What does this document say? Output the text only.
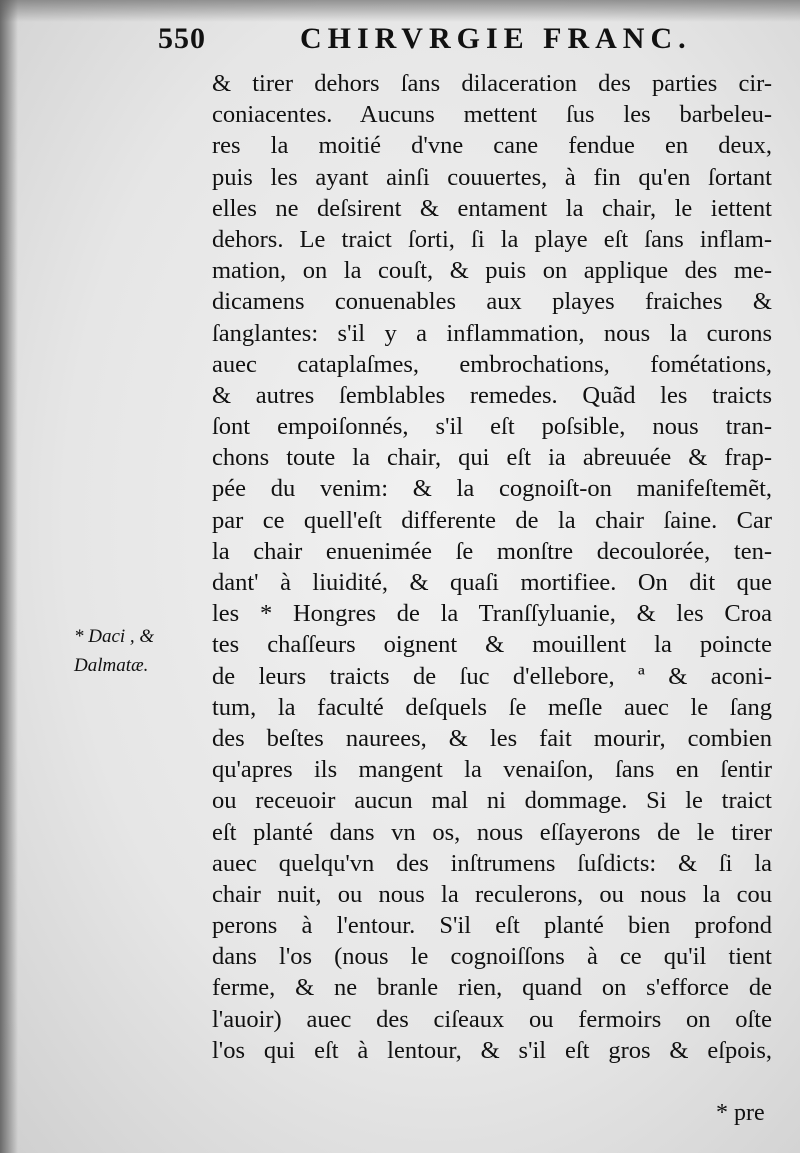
550	CHIRVRGIE FRANC.
& tirer dehors ſans dilaceration des parties cir-
coniacentes. Aucuns mettent ſus les barbeleu-
res la moitié d'vne cane fendue en deux,
puis les ayant ainſi couuertes, à fin qu'en ſortant
elles ne deſsirent & entament la chair, le iettent
dehors. Le traict ſorti, ſi la playe eſt ſans inflam-
mation, on la couſt, & puis on applique des me-
dicamens conuenables aux playes fraiches &
ſanglantes: s'il y a inflammation, nous la curons
auec cataplaſmes, embrochations, fométations,
& autres ſemblables remedes. Quãd les traicts
ſont empoiſonnés, s'il eſt poſsible, nous tran-
chons toute la chair, qui eſt ia abreuuée & frap-
pée du venim: & la cognoiſt-on manifeſtemẽt,
par ce quell'eſt differente de la chair ſaine. Car
la chair enuenimée ſe monſtre decoulorée, ten-
dant' à liuidité, & quaſi mortifiee. On dit que
les * Hongres de la Tranſſyluanie, & les Croa
tes chaſſeurs oignent & mouillent la poincte
de leurs traicts de ſuc d'ellebore, ª & aconi-
tum, la faculté deſquels ſe meſle auec le ſang
des beſtes naurees, & les fait mourir, combien
qu'apres ils mangent la venaiſon, ſans en ſentir
ou receuoir aucun mal ni dommage. Si le traict
eſt planté dans vn os, nous eſſayerons de le tirer
auec quelqu'vn des inſtrumens ſuſdicts: & ſi la
chair nuit, ou nous la reculerons, ou nous la cou
perons à l'entour. S'il eſt planté bien profond
dans l'os (nous le cognoiſſons à ce qu'il tient
ferme, & ne branle rien, quand on s'efforce de
l'auoir) auec des ciſeaux ou fermoirs on oſte
l'os qui eſt à lentour, & s'il eſt gros & eſpois,
* Daci , &
Dalmatæ.
* pre
